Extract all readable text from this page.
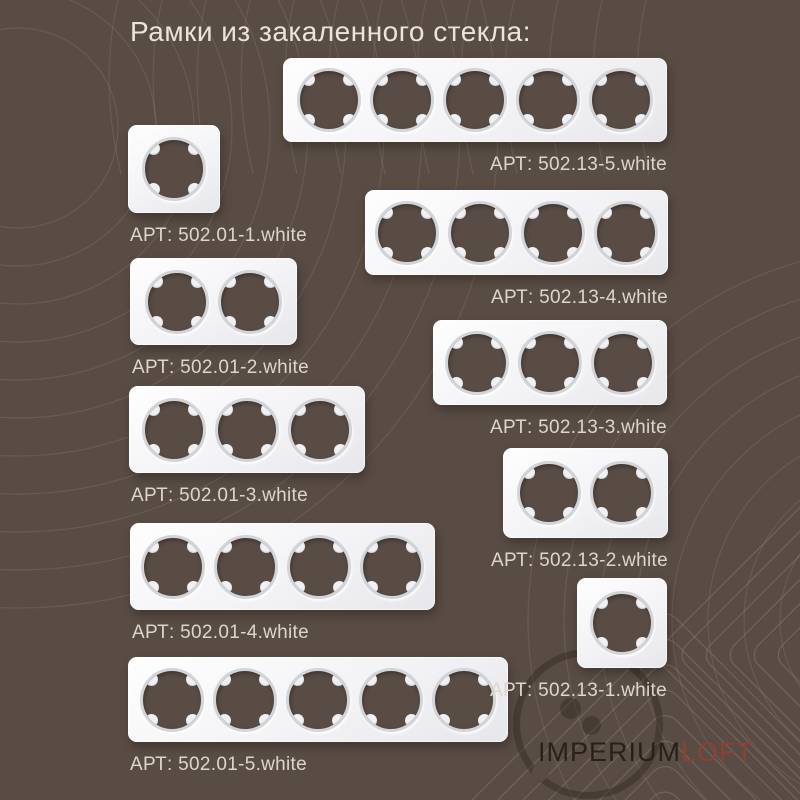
Рамки из закаленного стекла:
IMPERIUMLOFT
АРТ: 502.01-1.white
АРТ: 502.01-2.white
АРТ: 502.01-3.white
АРТ: 502.01-4.white
АРТ: 502.01-5.white
АРТ: 502.13-5.white
АРТ: 502.13-4.white
АРТ: 502.13-3.white
АРТ: 502.13-2.white
АРТ: 502.13-1.white
